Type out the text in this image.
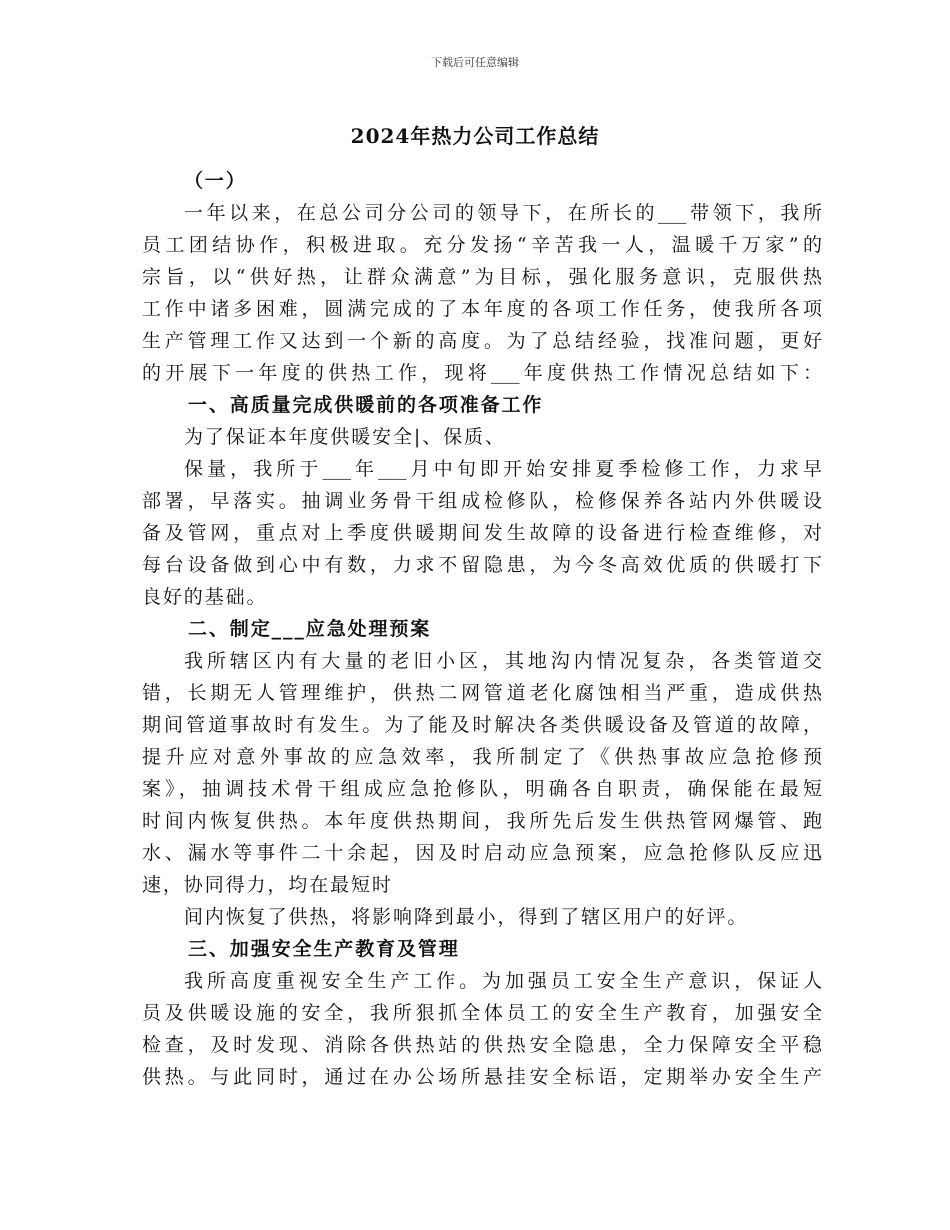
下载后可任意编辑
2024年热力公司工作总结
（一）
一年以来，在总公司分公司的领导下，在所长的___带领下，我所
员工团结协作，积极进取。充分发扬“辛苦我一人，温暖千万家”的
宗旨，以“供好热，让群众满意”为目标，强化服务意识，克服供热
工作中诸多困难，圆满完成的了本年度的各项工作任务，使我所各项
生产管理工作又达到一个新的高度。为了总结经验，找准问题，更好
的开展下一年度的供热工作，现将___年度供热工作情况总结如下：
一、高质量完成供暖前的各项准备工作
为了保证本年度供暖安全|、保质、
保量，我所于___年___月中旬即开始安排夏季检修工作，力求早
部署，早落实。抽调业务骨干组成检修队，检修保养各站内外供暖设
备及管网，重点对上季度供暖期间发生故障的设备进行检查维修，对
每台设备做到心中有数，力求不留隐患，为今冬高效优质的供暖打下
良好的基础。
二、制定___应急处理预案
我所辖区内有大量的老旧小区，其地沟内情况复杂，各类管道交
错，长期无人管理维护，供热二网管道老化腐蚀相当严重，造成供热
期间管道事故时有发生。为了能及时解决各类供暖设备及管道的故障，
提升应对意外事故的应急效率，我所制定了《供热事故应急抢修预
案》，抽调技术骨干组成应急抢修队，明确各自职责，确保能在最短
时间内恢复供热。本年度供热期间，我所先后发生供热管网爆管、跑
水、漏水等事件二十余起，因及时启动应急预案，应急抢修队反应迅
速，协同得力，均在最短时
间内恢复了供热，将影响降到最小，得到了辖区用户的好评。
三、加强安全生产教育及管理
我所高度重视安全生产工作。为加强员工安全生产意识，保证人
员及供暖设施的安全，我所狠抓全体员工的安全生产教育，加强安全
检查，及时发现、消除各供热站的供热安全隐患，全力保障安全平稳
供热。与此同时，通过在办公场所悬挂安全标语，定期举办安全生产
